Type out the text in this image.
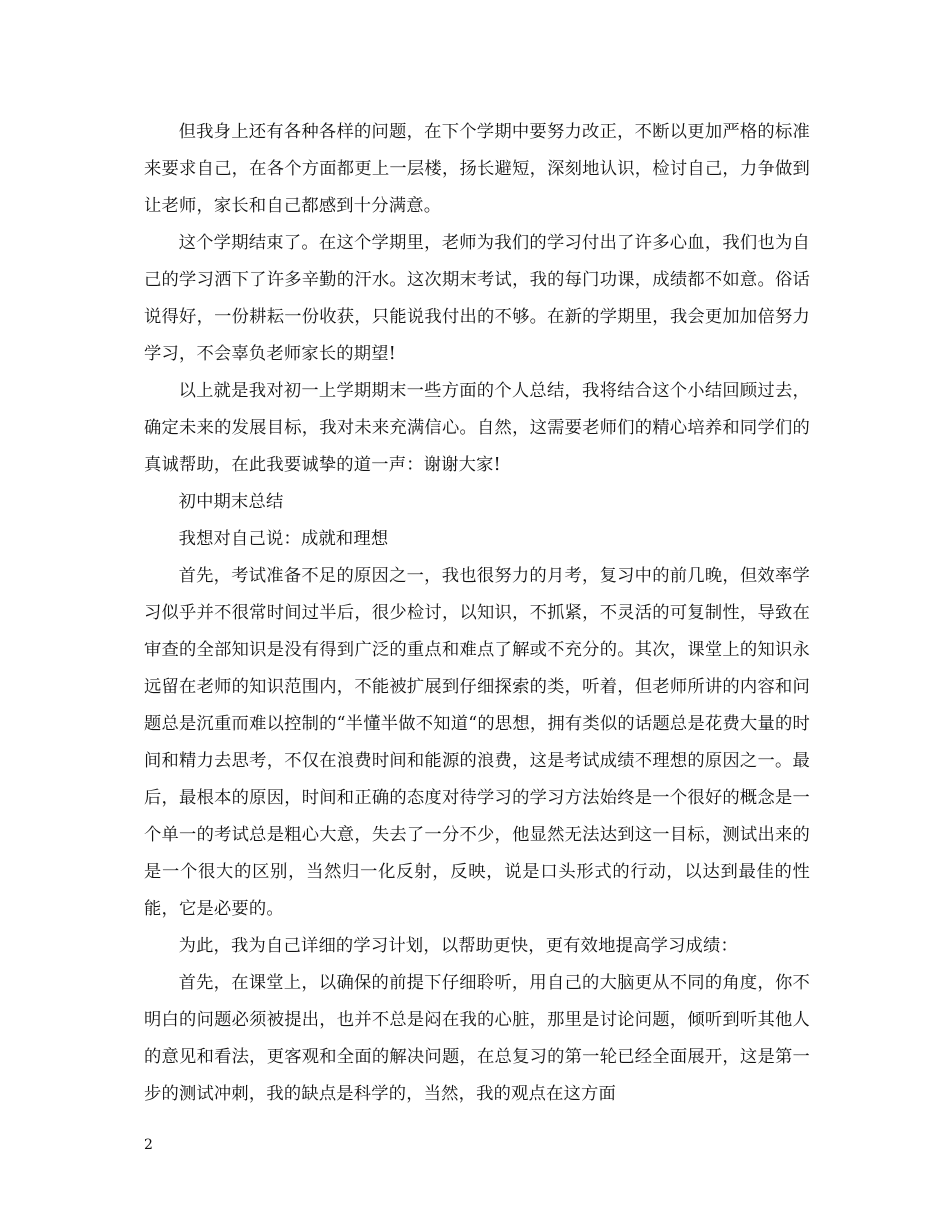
但我身上还有各种各样的问题，在下个学期中要努力改正，不断以更加严格的标准来要求自己，在各个方面都更上一层楼，扬长避短，深刻地认识，检讨自己，力争做到让老师，家长和自己都感到十分满意。

这个学期结束了。在这个学期里，老师为我们的学习付出了许多心血，我们也为自己的学习洒下了许多辛勤的汗水。这次期末考试，我的每门功课，成绩都不如意。俗话说得好，一份耕耘一份收获，只能说我付出的不够。在新的学期里，我会更加加倍努力学习，不会辜负老师家长的期望!

以上就是我对初一上学期期末一些方面的个人总结，我将结合这个小结回顾过去，确定未来的发展目标，我对未来充满信心。自然，这需要老师们的精心培养和同学们的真诚帮助，在此我要诚挚的道一声：谢谢大家!

初中期末总结

我想对自己说：成就和理想

首先，考试准备不足的原因之一，我也很努力的月考，复习中的前几晚，但效率学习似乎并不很常时间过半后，很少检讨，以知识，不抓紧，不灵活的可复制性，导致在审查的全部知识是没有得到广泛的重点和难点了解或不充分的。其次，课堂上的知识永远留在老师的知识范围内，不能被扩展到仔细探索的类，听着，但老师所讲的内容和问题总是沉重而难以控制的“半懂半做不知道“的思想，拥有类似的话题总是花费大量的时间和精力去思考，不仅在浪费时间和能源的浪费，这是考试成绩不理想的原因之一。最后，最根本的原因，时间和正确的态度对待学习的学习方法始终是一个很好的概念是一个单一的考试总是粗心大意，失去了一分不少，他显然无法达到这一目标，测试出来的是一个很大的区别，当然归一化反射，反映，说是口头形式的行动，以达到最佳的性能，它是必要的。

为此，我为自己详细的学习计划，以帮助更快，更有效地提高学习成绩：

首先，在课堂上，以确保的前提下仔细聆听，用自己的大脑更从不同的角度，你不明白的问题必须被提出，也并不总是闷在我的心脏，那里是讨论问题，倾听到听其他人的意见和看法，更客观和全面的解决问题，在总复习的第一轮已经全面展开，这是第一步的测试冲刺，我的缺点是科学的，当然，我的观点在这方面

2
